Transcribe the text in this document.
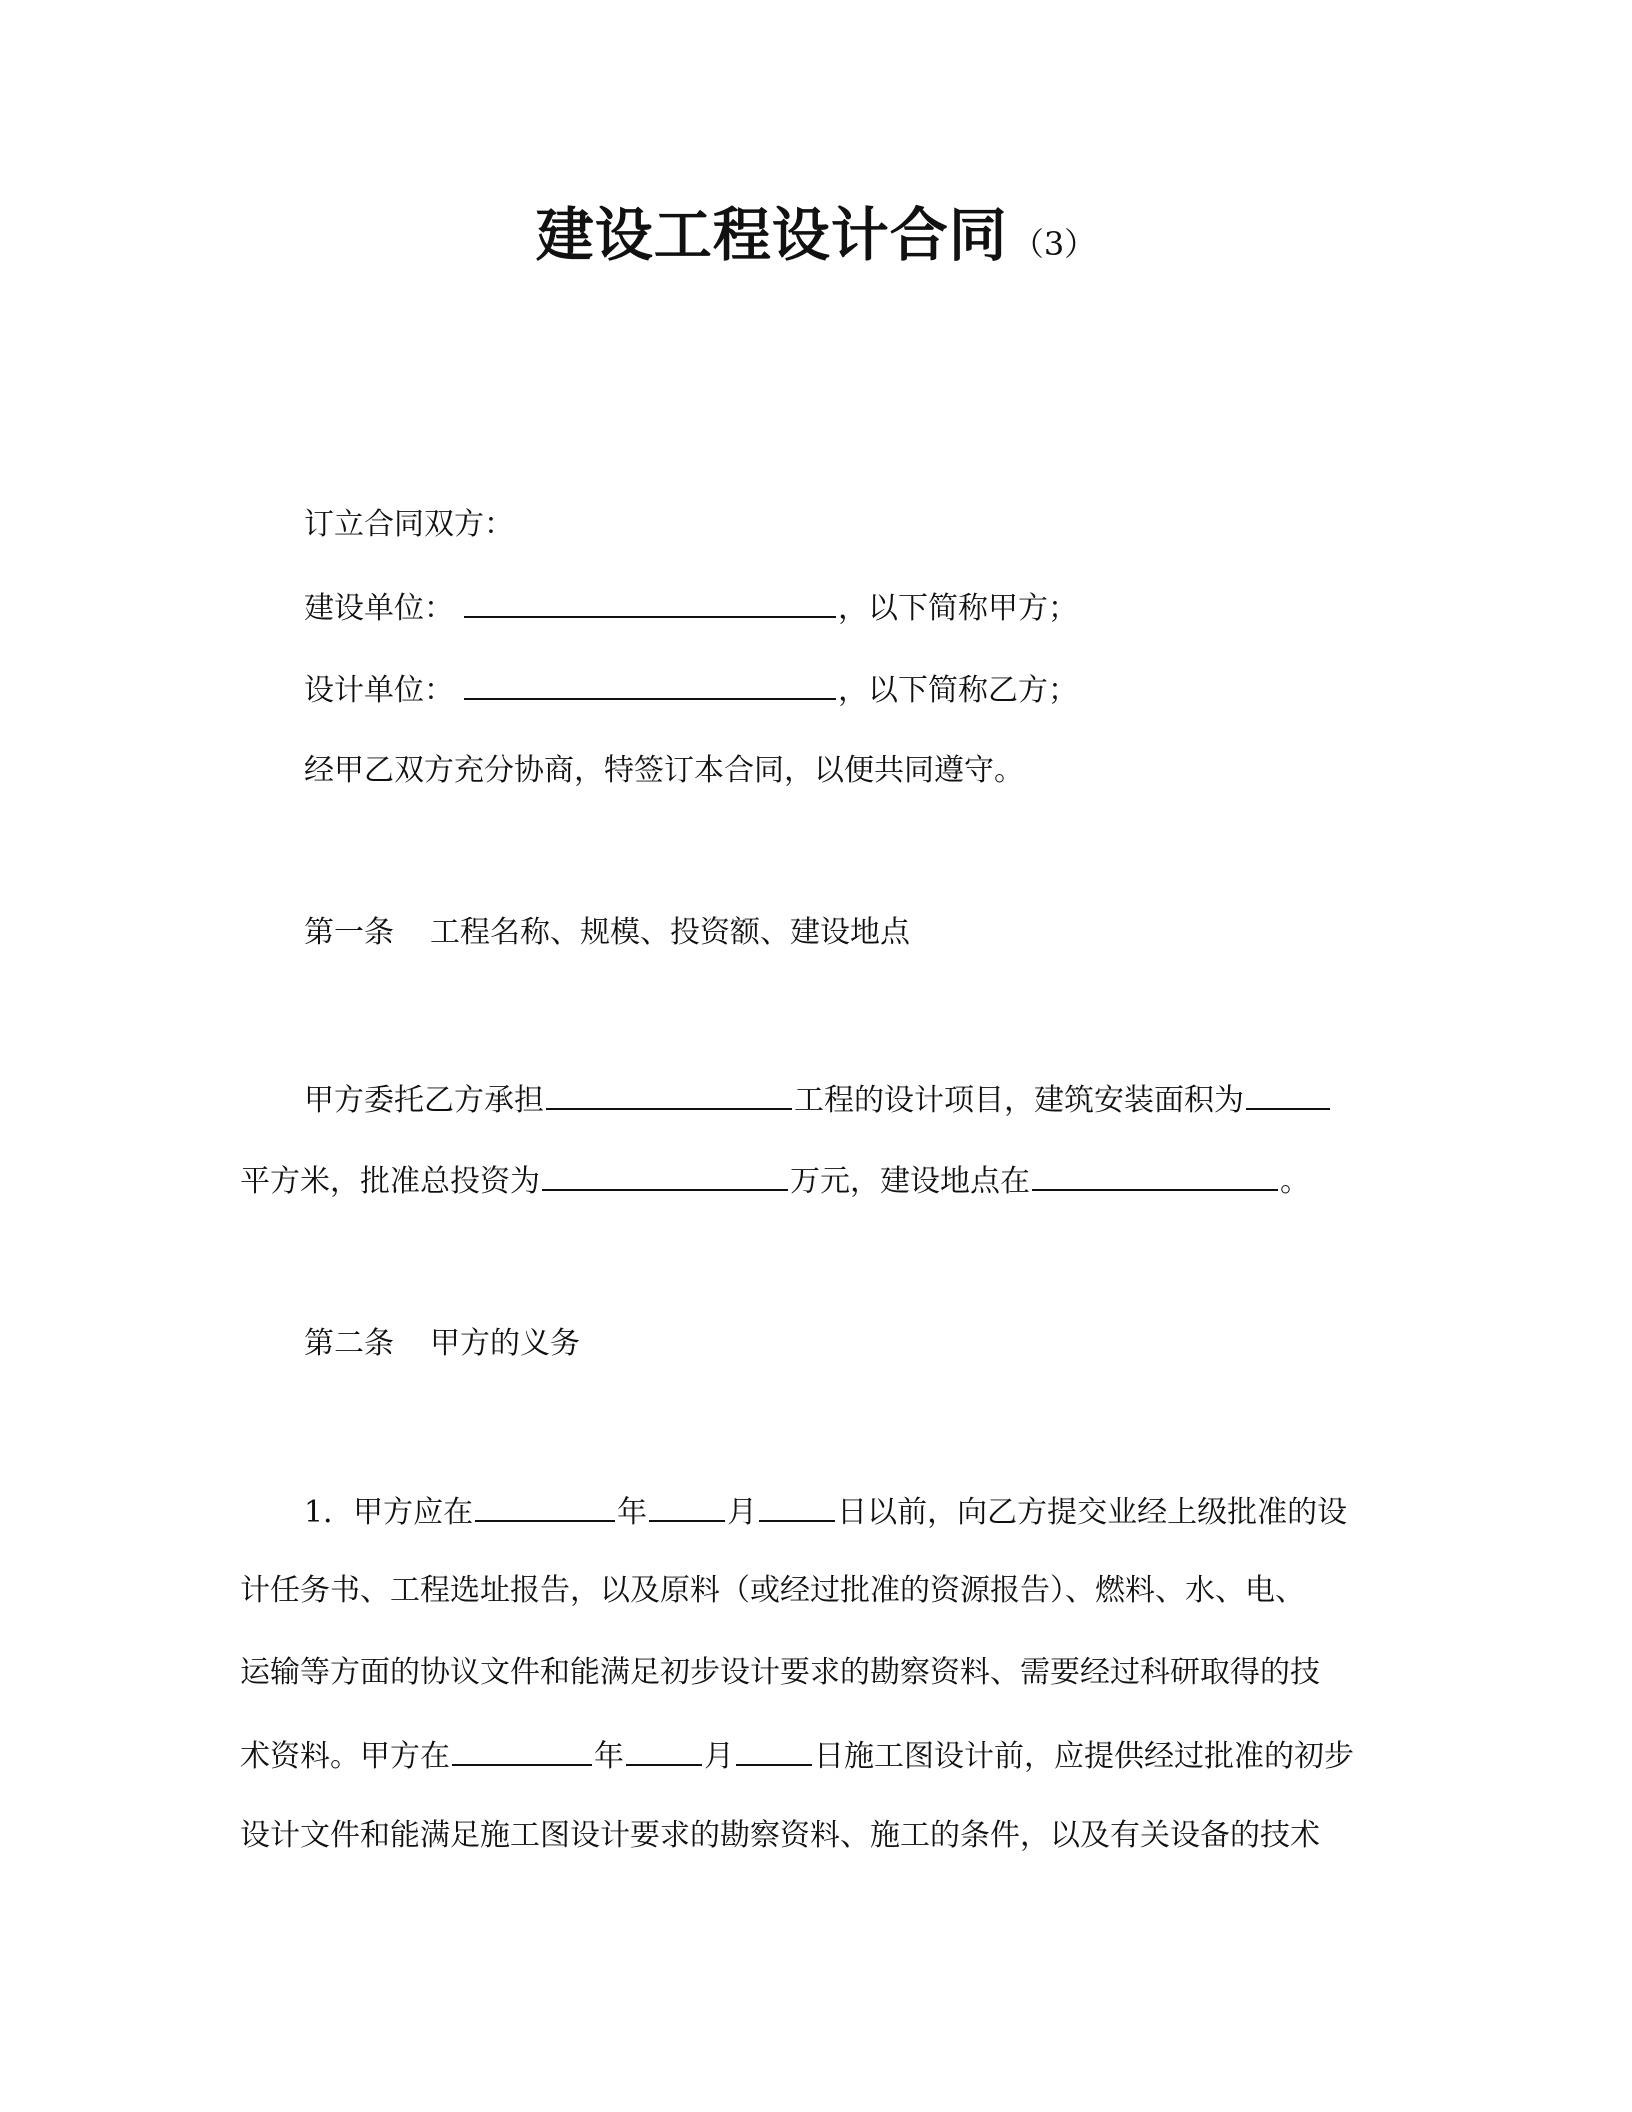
建设工程设计合同 （3）
订立合同双方：
建设单位：	，以下简称甲方；
设计单位：	，以下简称乙方；
经甲乙双方充分协商，特签订本合同，以便共同遵守。
第一条 工程名称、规模、投资额、建设地点
甲方委托乙方承担	工程的设计项目，建筑安装面积为
平方米，批准总投资为	万元，建设地点在	。
第二条 甲方的义务
1．甲方应在	年	月	日以前，向乙方提交业经上级批准的设
计任务书、工程选址报告，以及原料（或经过批准的资源报告）、燃料、水、电、
运输等方面的协议文件和能满足初步设计要求的勘察资料、需要经过科研取得的技
术资料。甲方在	年	月	日施工图设计前，应提供经过批准的初步
设计文件和能满足施工图设计要求的勘察资料、施工的条件，以及有关设备的技术
